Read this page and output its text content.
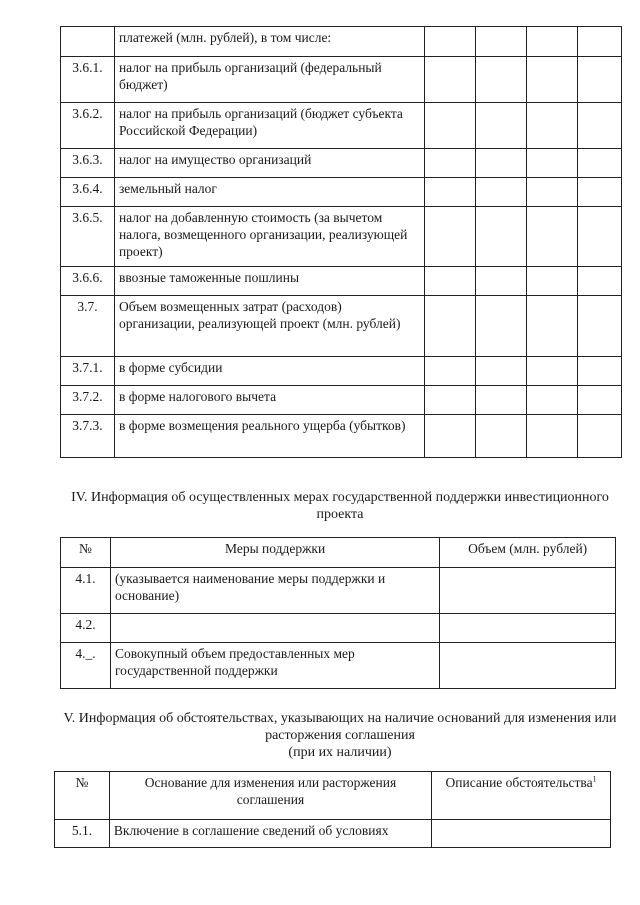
	платежей (млн. рублей), в том числе:				
3.6.1.	налог на прибыль организаций (федеральный бюджет)				
3.6.2.	налог на прибыль организаций (бюджет субъекта Российской Федерации)				
3.6.3.	налог на имущество организаций				
3.6.4.	земельный налог				
3.6.5.	налог на добавленную стоимость (за вычетом налога, возмещенного организации, реализующей проект)				
3.6.6.	ввозные таможенные пошлины				
3.7.	Объем возмещенных затрат (расходов) организации, реализующей проект (млн. рублей)				
3.7.1.	в форме субсидии				
3.7.2.	в форме налогового вычета				
3.7.3.	в форме возмещения реального ущерба (убытков)				
IV. Информация об осуществленных мерах государственной поддержки инвестиционного проекта
№	Меры поддержки	Объем (млн. рублей)
4.1.	(указывается наименование меры поддержки и основание)	
4.2.		
4._.	Совокупный объем предоставленных мер государственной поддержки	
V. Информация об обстоятельствах, указывающих на наличие оснований для изменения или расторжения соглашения
(при их наличии)
№	Основание для изменения или расторжения соглашения	Описание обстоятельства$^1$
5.1.	Включение в соглашение сведений об условиях	
